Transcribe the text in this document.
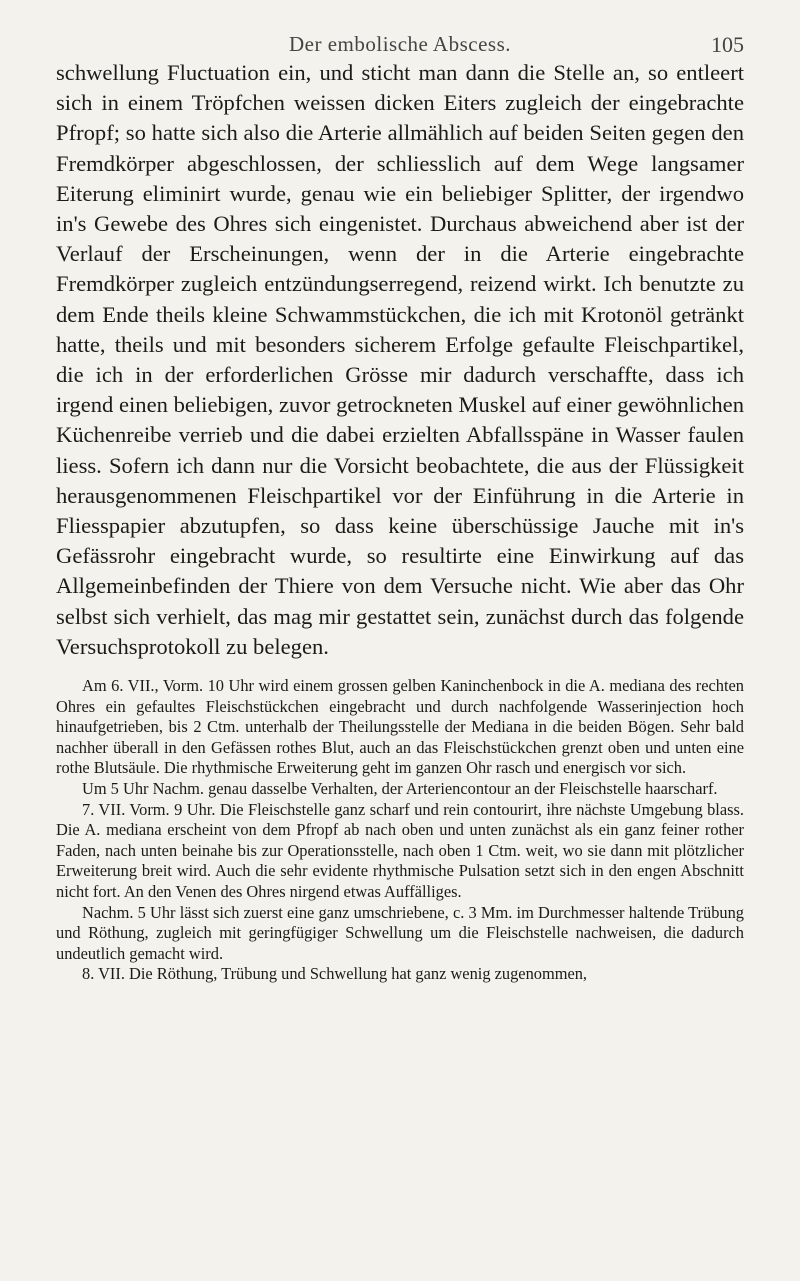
Der embolische Abscess.	105

schwellung Fluctuation ein, und sticht man dann die Stelle an, so entleert sich in einem Tröpfchen weissen dicken Eiters zugleich der eingebrachte Pfropf; so hatte sich also die Arterie allmählich auf beiden Seiten gegen den Fremdkörper abgeschlossen, der schliesslich auf dem Wege langsamer Eiterung eliminirt wurde, genau wie ein beliebiger Splitter, der irgendwo in's Gewebe des Ohres sich eingenistet. Durchaus abweichend aber ist der Verlauf der Erscheinungen, wenn der in die Arterie eingebrachte Fremdkörper zugleich entzündungserregend, reizend wirkt. Ich benutzte zu dem Ende theils kleine Schwammstückchen, die ich mit Krotonöl getränkt hatte, theils und mit besonders sicherem Erfolge gefaulte Fleischpartikel, die ich in der erforderlichen Grösse mir dadurch verschaffte, dass ich irgend einen beliebigen, zuvor getrockneten Muskel auf einer gewöhnlichen Küchenreibe verrieb und die dabei erzielten Abfallsspäne in Wasser faulen liess. Sofern ich dann nur die Vorsicht beobachtete, die aus der Flüssigkeit herausgenommenen Fleischpartikel vor der Einführung in die Arterie in Fliesspapier abzutupfen, so dass keine überschüssige Jauche mit in's Gefässrohr eingebracht wurde, so resultirte eine Einwirkung auf das Allgemeinbefinden der Thiere von dem Versuche nicht. Wie aber das Ohr selbst sich verhielt, das mag mir gestattet sein, zunächst durch das folgende Versuchsprotokoll zu belegen.

Am 6. VII., Vorm. 10 Uhr wird einem grossen gelben Kaninchenbock in die A. mediana des rechten Ohres ein gefaultes Fleischstückchen eingebracht und durch nachfolgende Wasserinjection hoch hinaufgetrieben, bis 2 Ctm. unterhalb der Theilungsstelle der Mediana in die beiden Bögen. Sehr bald nachher überall in den Gefässen rothes Blut, auch an das Fleischstückchen grenzt oben und unten eine rothe Blutsäule. Die rhythmische Erweiterung geht im ganzen Ohr rasch und energisch vor sich.

Um 5 Uhr Nachm. genau dasselbe Verhalten, der Arteriencontour an der Fleischstelle haarscharf.

7. VII. Vorm. 9 Uhr. Die Fleischstelle ganz scharf und rein contourirt, ihre nächste Umgebung blass. Die A. mediana erscheint von dem Pfropf ab nach oben und unten zunächst als ein ganz feiner rother Faden, nach unten beinahe bis zur Operationsstelle, nach oben 1 Ctm. weit, wo sie dann mit plötzlicher Erweiterung breit wird. Auch die sehr evidente rhythmische Pulsation setzt sich in den engen Abschnitt nicht fort. An den Venen des Ohres nirgend etwas Auffälliges.

Nachm. 5 Uhr lässt sich zuerst eine ganz umschriebene, c. 3 Mm. im Durchmesser haltende Trübung und Röthung, zugleich mit geringfügiger Schwellung um die Fleischstelle nachweisen, die dadurch undeutlich gemacht wird.

8. VII. Die Röthung, Trübung und Schwellung hat ganz wenig zugenommen,
